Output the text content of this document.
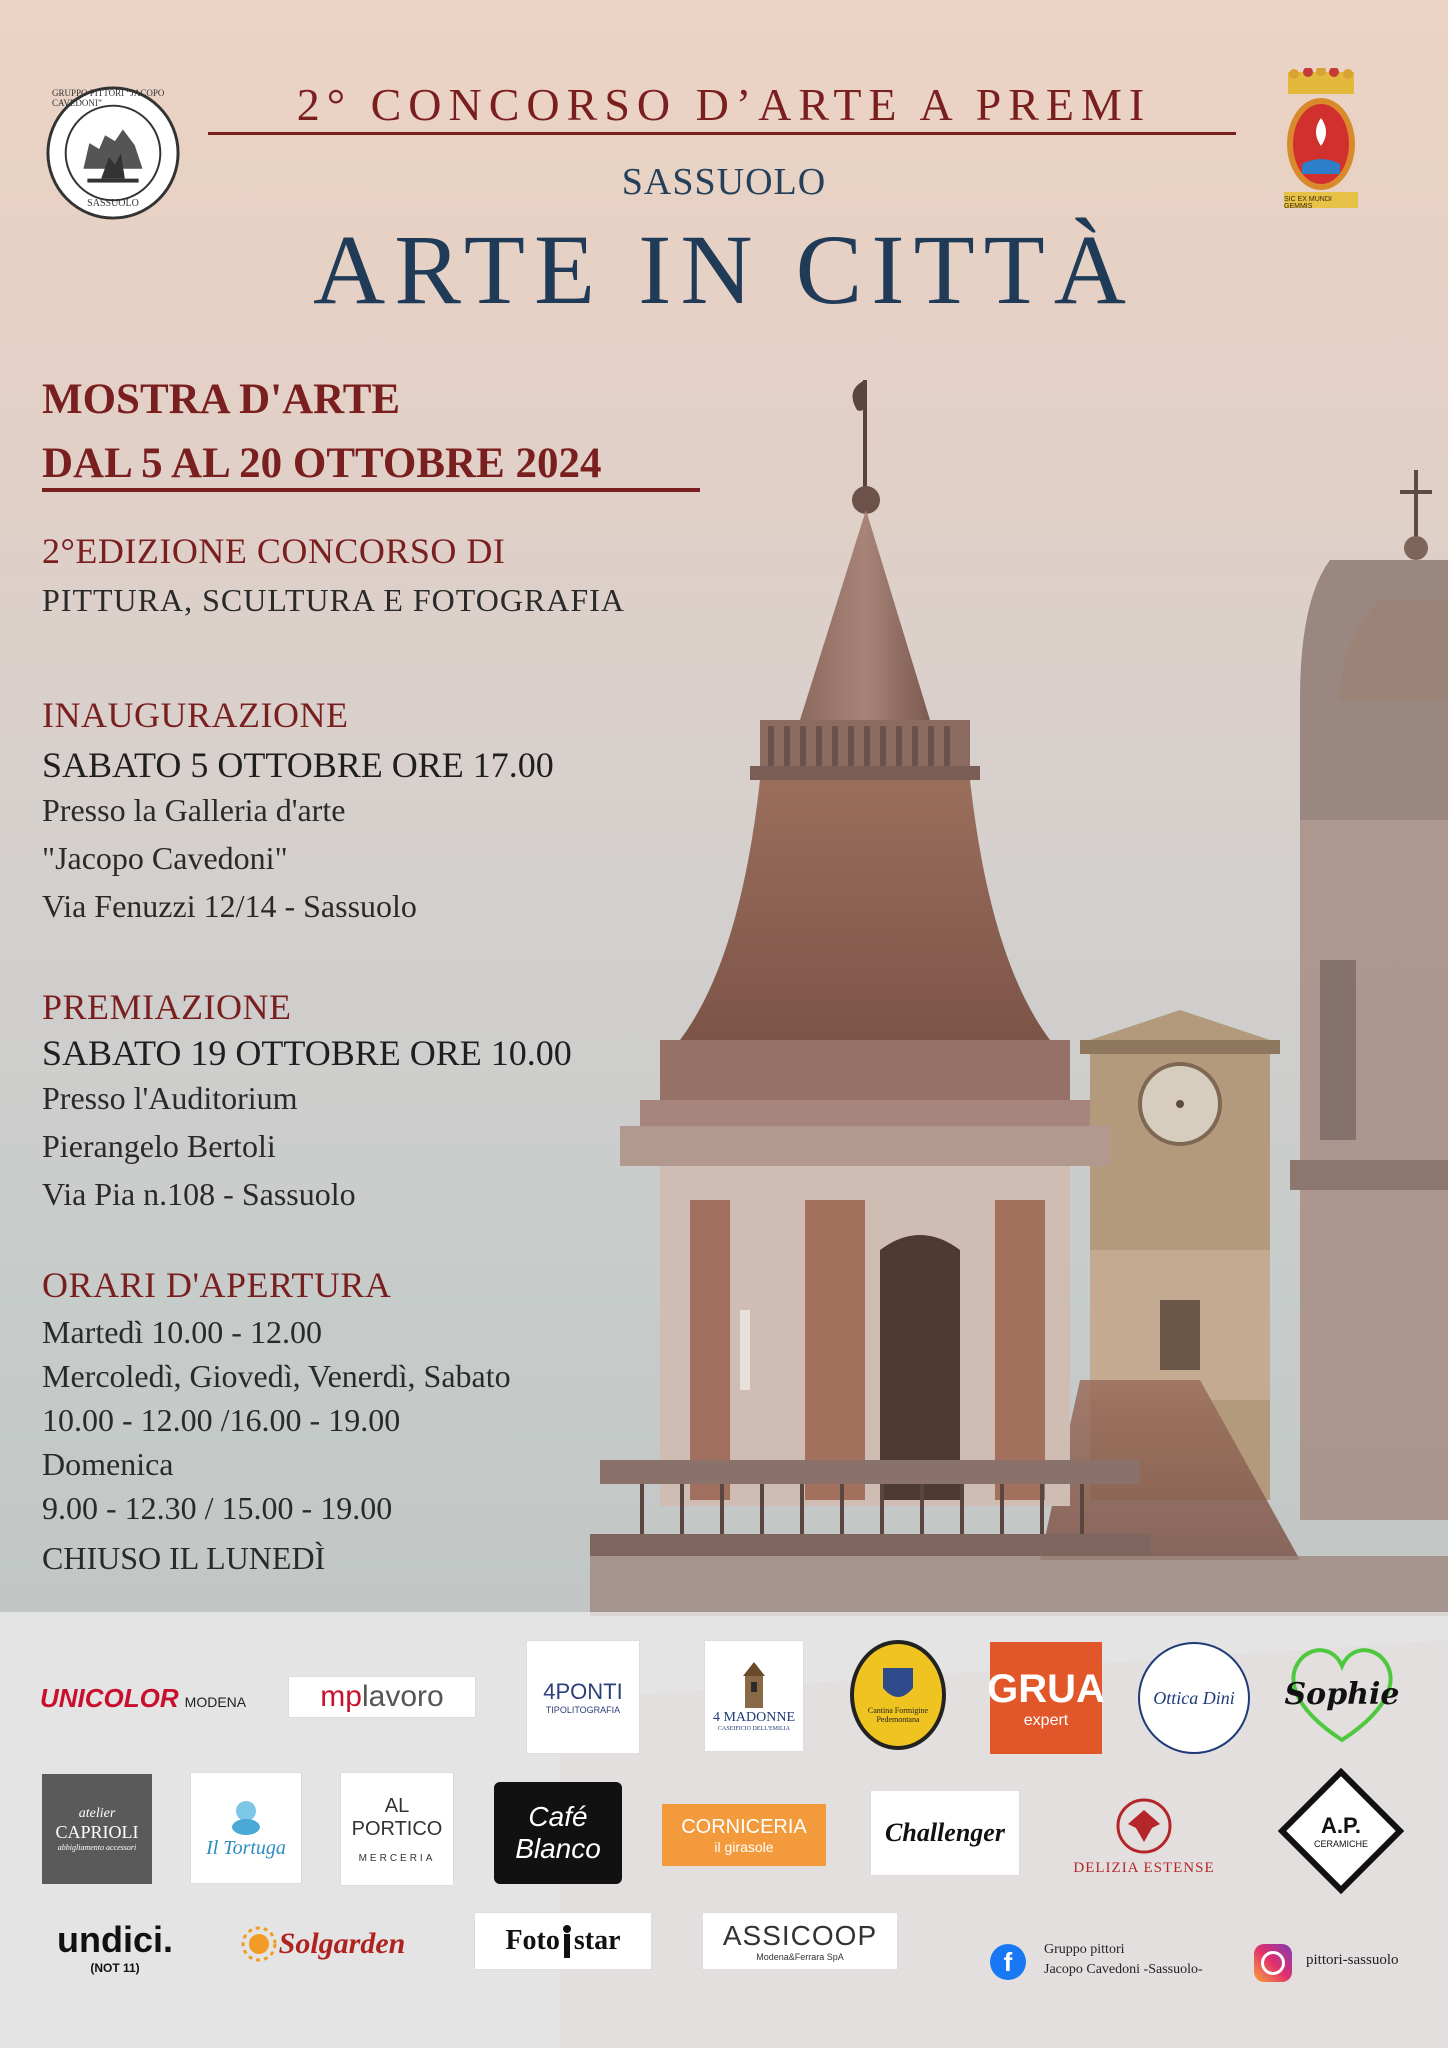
GRUPPO PITTORI “JACOPO CAVEDONI”
SASSUOLO	SIC EX MUNDI GEMMIS
2° CONCORSO D’ARTE A PREMI
SASSUOLO
ARTE IN CITTÀ
MOSTRA D'ARTE
DAL 5 AL 20 OTTOBRE 2024
2°EDIZIONE CONCORSO DI
PITTURA, SCULTURA E FOTOGRAFIA
INAUGURAZIONE
SABATO 5 OTTOBRE ORE 17.00
Presso la Galleria d'arte
"Jacopo Cavedoni"
Via Fenuzzi 12/14 - Sassuolo
PREMIAZIONE
SABATO 19 OTTOBRE ORE 10.00
Presso l'Auditorium
Pierangelo Bertoli
Via Pia n.108 - Sassuolo
ORARI D'APERTURA
Martedì 10.00 - 12.00
Mercoledì, Giovedì, Venerdì, Sabato
10.00 - 12.00 /16.00 - 19.00
Domenica
9.00 - 12.30 / 15.00 - 19.00
CHIUSO IL LUNEDÌ
UNICOLOR MODENA mp lavoro	4PONTI
TIPOLITOGRAFIA	4 MADONNE
CASEIFICIO DELL'EMILIA
Cantina Formigine Pedemontana
GRUA
expert
Ottica Dini Sophie
atelier
CAPRIOLI
abbigliamento accessori	Il Tortuga
AL
PORTICO
MERCERIA
Café
Blanco
CORNICERIA
il girasole	Challenger
DELIZIA ESTENSE
A.P.
CERAMICHE
undici.
(NOT 11)
Solgarden	Foto star	ASSICOOP
Modena&Ferrara SpA	f	Gruppo pittori
Jacopo Cavedoni -Sassuolo-
pittori-sassuolo
